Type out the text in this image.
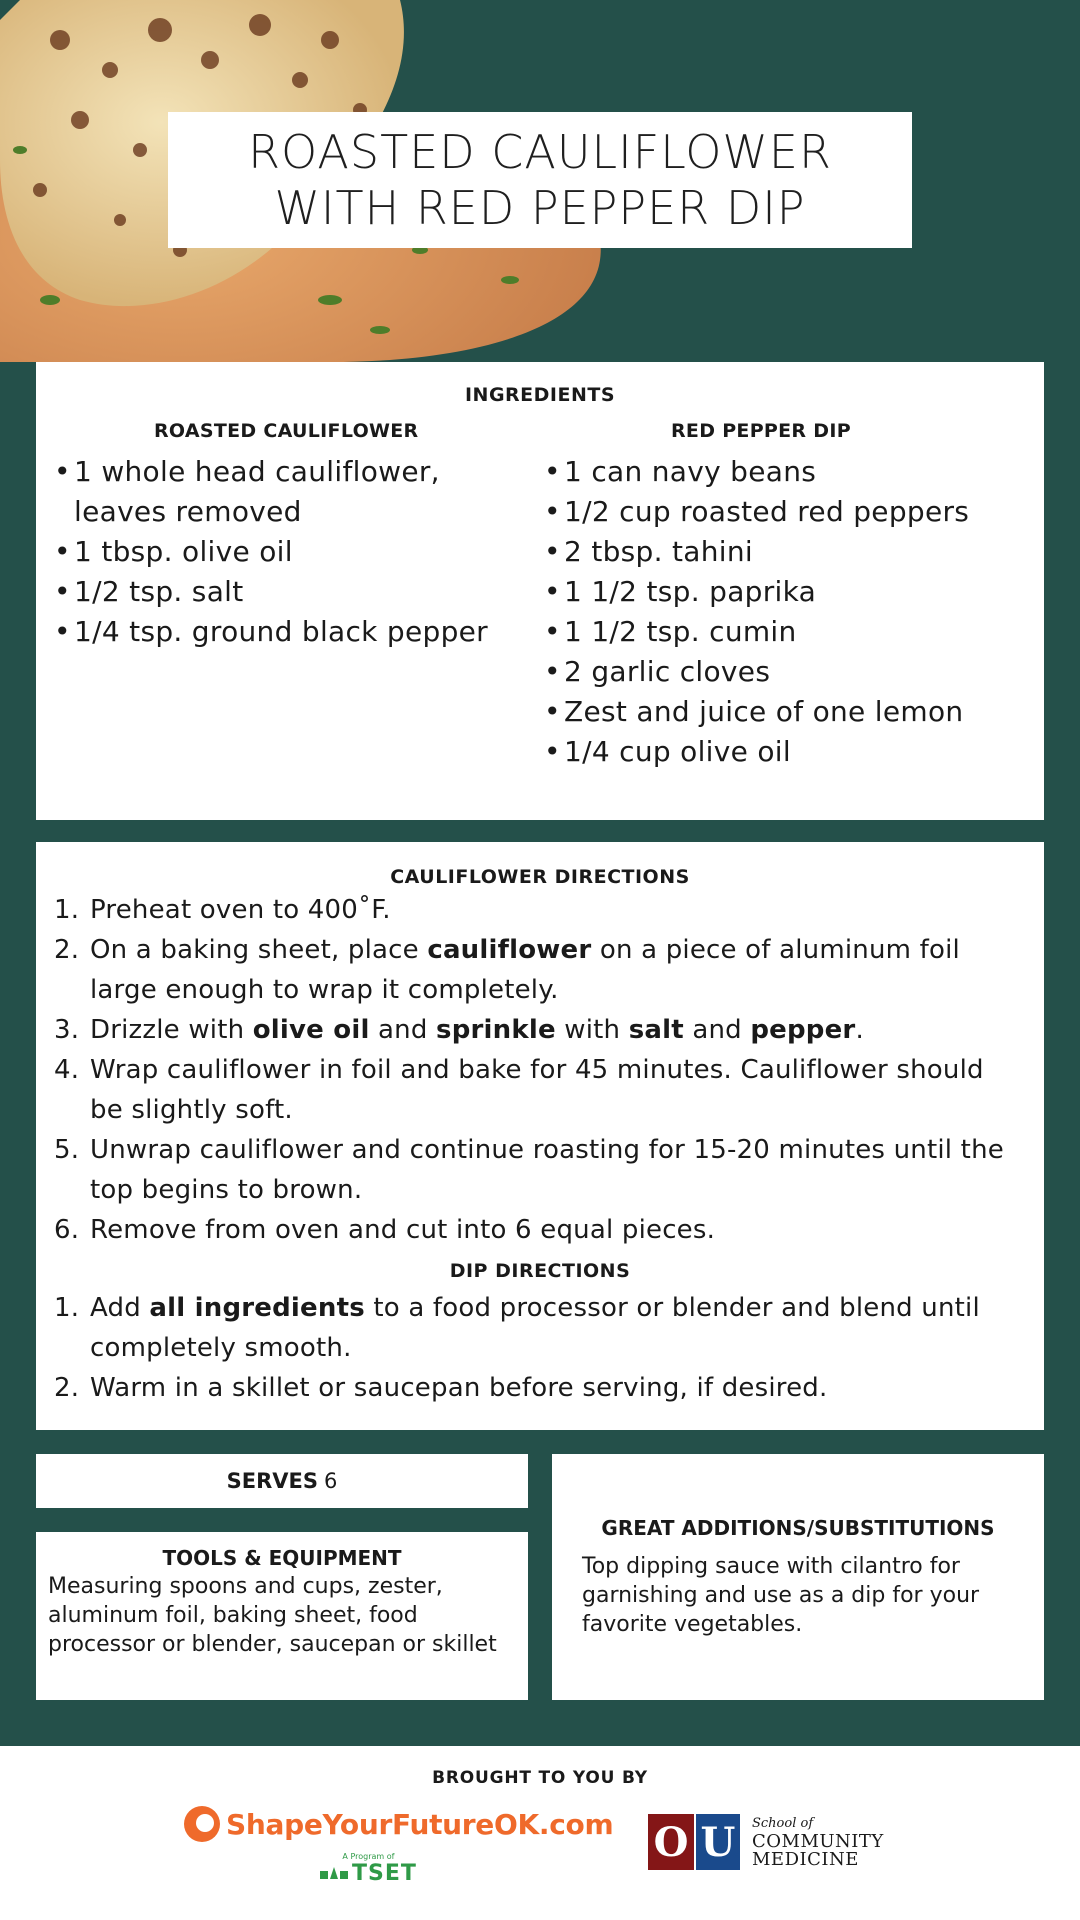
ROASTED CAULIFLOWER
WITH RED PEPPER DIP
INGREDIENTS
ROASTED CAULIFLOWER
• 1 whole head cauliflower, leaves removed
• 1 tbsp. olive oil
• 1/2 tsp. salt
• 1/4 tsp. ground black pepper
RED PEPPER DIP
• 1 can navy beans
• 1/2 cup roasted red peppers
• 2 tbsp. tahini
• 1 1/2 tsp. paprika
• 1 1/2 tsp. cumin
• 2 garlic cloves
• Zest and juice of one lemon
• 1/4 cup olive oil
CAULIFLOWER DIRECTIONS
1. Preheat oven to 400˚F.
2. On a baking sheet, place cauliflower on a piece of aluminum foil large enough to wrap it completely.
3. Drizzle with olive oil and sprinkle with salt and pepper.
4. Wrap cauliflower in foil and bake for 45 minutes. Cauliflower should be slightly soft.
5. Unwrap cauliflower and continue roasting for 15-20 minutes until the top begins to brown.
6. Remove from oven and cut into 6 equal pieces.
DIP DIRECTIONS
1. Add all ingredients to a food processor or blender and blend until completely smooth.
2. Warm in a skillet or saucepan before serving, if desired.
SERVES 6
TOOLS & EQUIPMENT
Measuring spoons and cups, zester, aluminum foil, baking sheet, food processor or blender, saucepan or skillet
GREAT ADDITIONS/SUBSTITUTIONS
Top dipping sauce with cilantro for garnishing and use as a dip for your favorite vegetables.
BROUGHT TO YOU BY
ShapeYourFutureOK.com
A Program of
TSET
O U	School of
COMMUNITY
MEDICINE
